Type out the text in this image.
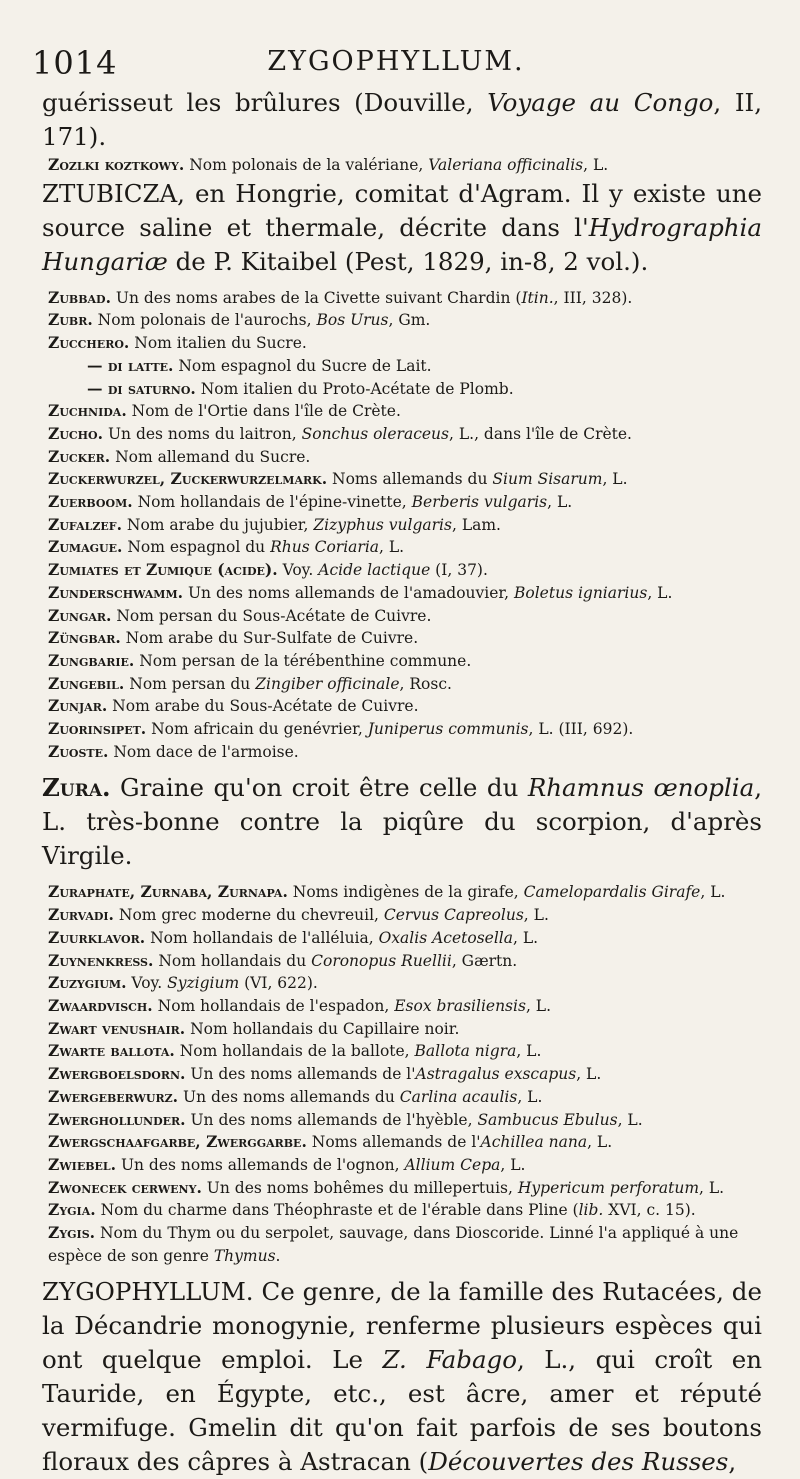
1014	ZYGOPHYLLUM.

guérisseut les brûlures (Douville, Voyage au Congo, II, 171).

Zozlki koztkowy. Nom polonais de la valériane, Valeriana officinalis, L.

ZTUBICZA, en Hongrie, comitat d'Agram. Il y existe une source saline et thermale, décrite dans l'Hydrographia Hungariæ de P. Kitaibel (Pest, 1829, in-8, 2 vol.).

Zubbad. Un des noms arabes de la Civette suivant Chardin (Itin., III, 328).

Zubr. Nom polonais de l'aurochs, Bos Urus, Gm.

Zucchero. Nom italien du Sucre.

— di latte. Nom espagnol du Sucre de Lait.

— di saturno. Nom italien du Proto-Acétate de Plomb.

Zuchnida. Nom de l'Ortie dans l'île de Crète.

Zucho. Un des noms du laitron, Sonchus oleraceus, L., dans l'île de Crète.

Zucker. Nom allemand du Sucre.

Zuckerwurzel, Zuckerwurzelmark. Noms allemands du Sium Sisarum, L.

Zuerboom. Nom hollandais de l'épine-vinette, Berberis vulgaris, L.

Zufalzef. Nom arabe du jujubier, Zizyphus vulgaris, Lam.

Zumague. Nom espagnol du Rhus Coriaria, L.

Zumiates et Zumique (acide). Voy. Acide lactique (I, 37).

Zunderschwamm. Un des noms allemands de l'amadouvier, Boletus igniarius, L.

Zungar. Nom persan du Sous-Acétate de Cuivre.

Züngbar. Nom arabe du Sur-Sulfate de Cuivre.

Zungbarie. Nom persan de la térébenthine commune.

Zungebil. Nom persan du Zingiber officinale, Rosc.

Zunjar. Nom arabe du Sous-Acétate de Cuivre.

Zuorinsipet. Nom africain du genévrier, Juniperus communis, L. (III, 692).

Zuoste. Nom dace de l'armoise.

Zura. Graine qu'on croit être celle du Rhamnus œnoplia, L. très-bonne contre la piqûre du scorpion, d'après Virgile.

Zuraphate, Zurnaba, Zurnapa. Noms indigènes de la girafe, Camelopardalis Girafe, L.

Zurvadi. Nom grec moderne du chevreuil, Cervus Capreolus, L.

Zuurklavor. Nom hollandais de l'alléluia, Oxalis Acetosella, L.

Zuynenkress. Nom hollandais du Coronopus Ruellii, Gærtn.

Zuzygium. Voy. Syzigium (VI, 622).

Zwaardvisch. Nom hollandais de l'espadon, Esox brasiliensis, L.

Zwart venushair. Nom hollandais du Capillaire noir.

Zwarte ballota. Nom hollandais de la ballote, Ballota nigra, L.

Zwergboelsdorn. Un des noms allemands de l'Astragalus exscapus, L.

Zwergeberwurz. Un des noms allemands du Carlina acaulis, L.

Zwerghollunder. Un des noms allemands de l'hyèble, Sambucus Ebulus, L.

Zwergschaafgarbe, Zwerggarbe. Noms allemands de l'Achillea nana, L.

Zwiebel. Un des noms allemands de l'ognon, Allium Cepa, L.

Zwonecek cerweny. Un des noms bohêmes du millepertuis, Hypericum perforatum, L.

Zygia. Nom du charme dans Théophraste et de l'érable dans Pline (lib. XVI, c. 15).

Zygis. Nom du Thym ou du serpolet, sauvage, dans Dioscoride. Linné l'a appliqué à une espèce de son genre Thymus.

ZYGOPHYLLUM. Ce genre, de la famille des Rutacées, de la Décandrie monogynie, renferme plusieurs espèces qui ont quelque emploi. Le Z. Fabago, L., qui croît en Tauride, en Égypte, etc., est âcre, amer et réputé vermifuge. Gmelin dit qu'on fait parfois de ses boutons floraux des câpres à Astracan (Découvertes des Russes,
